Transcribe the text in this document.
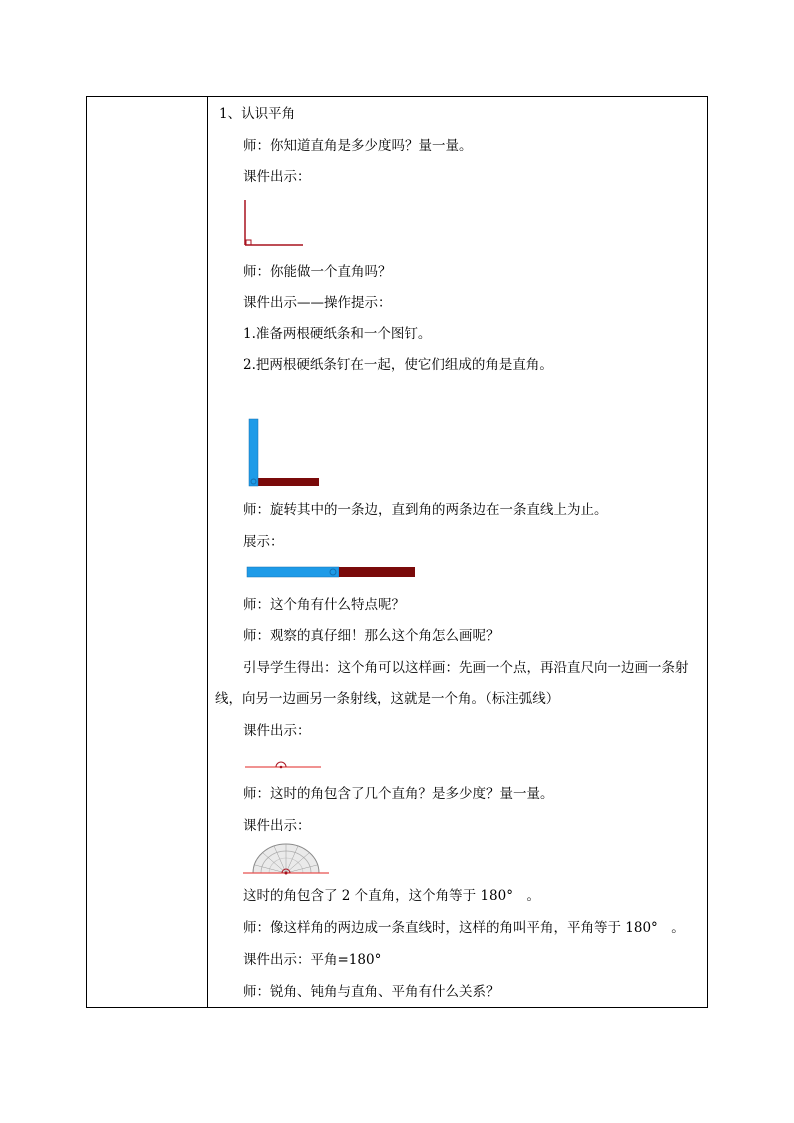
1、认识平角
师：你知道直角是多少度吗？量一量。
课件出示：
师：你能做一个直角吗？
课件出示——操作提示：
1.准备两根硬纸条和一个图钉。
2.把两根硬纸条钉在一起，使它们组成的角是直角。
师：旋转其中的一条边，直到角的两条边在一条直线上为止。
展示：
师：这个角有什么特点呢？
师：观察的真仔细！那么这个角怎么画呢？
引导学生得出：这个角可以这样画：先画一个点，再沿直尺向一边画一条射
线，向另一边画另一条射线，这就是一个角。（标注弧线）
课件出示：
师：这时的角包含了几个直角？是多少度？量一量。
课件出示：
这时的角包含了 2 个直角，这个角等于 180°　。
师：像这样角的两边成一条直线时，这样的角叫平角，平角等于 180°　。
课件出示：平角=180°
师：锐角、钝角与直角、平角有什么关系？
